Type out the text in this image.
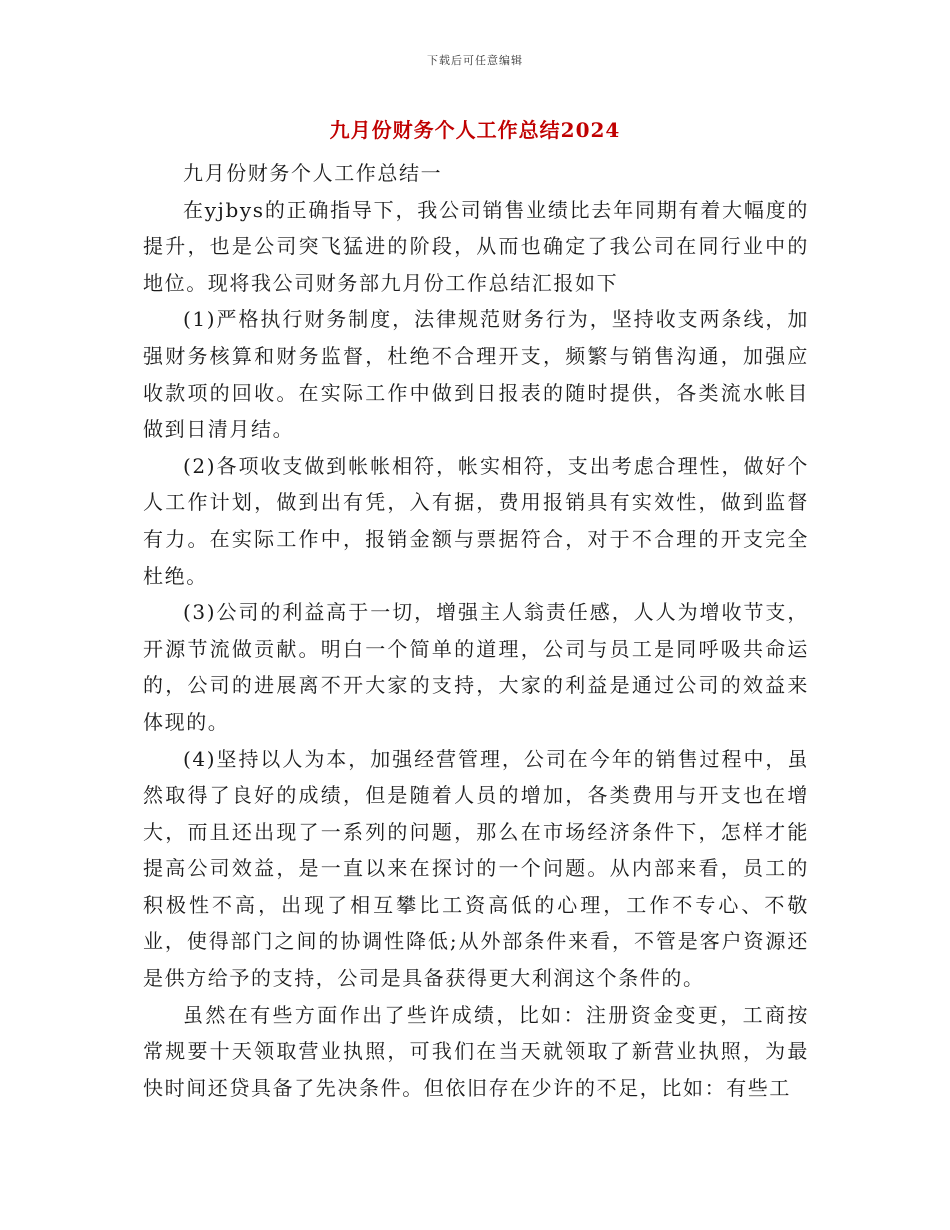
下载后可任意编辑
九月份财务个人工作总结2024

九月份财务个人工作总结一

在yjbys的正确指导下，我公司销售业绩比去年同期有着大幅度的提升，也是公司突飞猛进的阶段，从而也确定了我公司在同行业中的地位。现将我公司财务部九月份工作总结汇报如下

(1)严格执行财务制度，法律规范财务行为，坚持收支两条线，加强财务核算和财务监督，杜绝不合理开支，频繁与销售沟通，加强应收款项的回收。在实际工作中做到日报表的随时提供，各类流水帐目做到日清月结。

(2)各项收支做到帐帐相符，帐实相符，支出考虑合理性，做好个人工作计划，做到出有凭，入有据，费用报销具有实效性，做到监督有力。在实际工作中，报销金额与票据符合，对于不合理的开支完全杜绝。

(3)公司的利益高于一切，增强主人翁责任感，人人为增收节支，开源节流做贡献。明白一个简单的道理，公司与员工是同呼吸共命运的，公司的进展离不开大家的支持，大家的利益是通过公司的效益来体现的。

(4)坚持以人为本，加强经营管理，公司在今年的销售过程中，虽然取得了良好的成绩，但是随着人员的增加，各类费用与开支也在增大，而且还出现了一系列的问题，那么在市场经济条件下，怎样才能提高公司效益，是一直以来在探讨的一个问题。从内部来看，员工的积极性不高，出现了相互攀比工资高低的心理，工作不专心、不敬业，使得部门之间的协调性降低;从外部条件来看，不管是客户资源还是供方给予的支持，公司是具备获得更大利润这个条件的。

虽然在有些方面作出了些许成绩，比如：注册资金变更，工商按常规要十天领取营业执照，可我们在当天就领取了新营业执照，为最快时间还贷具备了先决条件。但依旧存在少许的不足，比如：有些工
